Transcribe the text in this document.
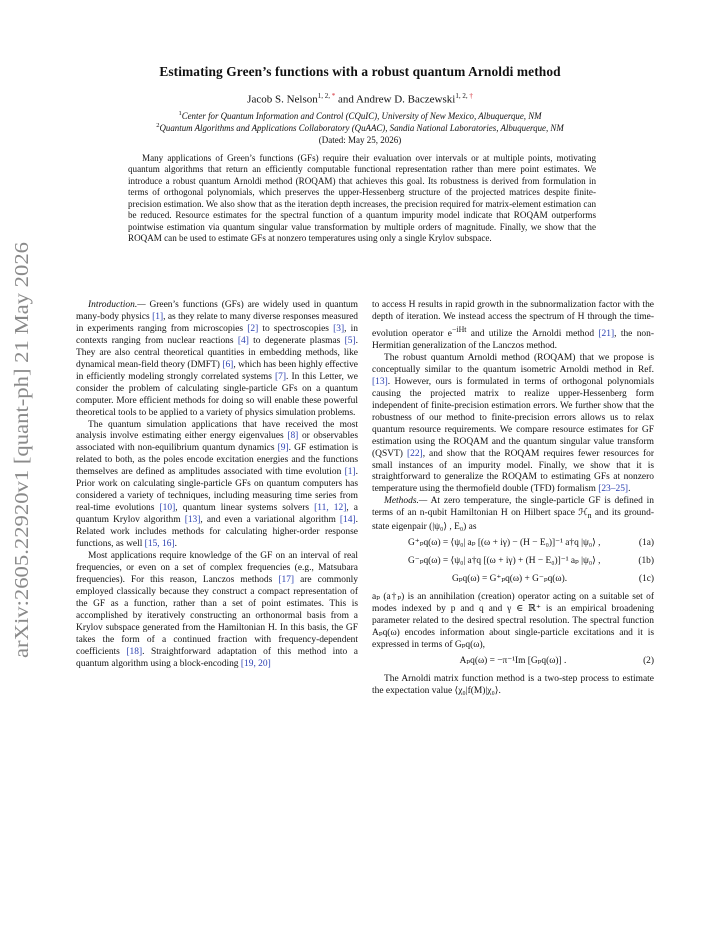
arXiv:2605.22920v1 [quant-ph] 21 May 2026
Estimating Green’s functions with a robust quantum Arnoldi method
Jacob S. Nelson$^{1, 2, *}$ and Andrew D. Baczewski$^{1, 2, \dagger}$
$^1$Center for Quantum Information and Control (CQuIC), University of New Mexico, Albuquerque, NM
$^2$Quantum Algorithms and Applications Collaboratory (QuAAC), Sandia National Laboratories, Albuquerque, NM
(Dated: May 25, 2026)
Many applications of Green’s functions (GFs) require their evaluation over intervals or at multiple points, motivating quantum algorithms that return an efficiently computable functional representation rather than mere point estimates. We introduce a robust quantum Arnoldi method (ROQAM) that achieves this goal. Its robustness is derived from formulation in terms of orthogonal polynomials, which preserves the upper-Hessenberg structure of the projected matrices despite finite-precision estimation. We also show that as the iteration depth increases, the precision required for matrix-element estimation can be reduced. Resource estimates for the spectral function of a quantum impurity model indicate that ROQAM outperforms pointwise estimation via quantum singular value transformation by multiple orders of magnitude. Finally, we show that the ROQAM can be used to estimate GFs at nonzero temperatures using only a single Krylov subspace.

Introduction.— Green’s functions (GFs) are widely used in quantum many-body physics [1], as they relate to many diverse responses measured in experiments ranging from microscopies [2] to spectroscopies [3], in contexts ranging from nuclear reactions [4] to degenerate plasmas [5]. They are also central theoretical quantities in embedding methods, like dynamical mean-field theory (DMFT) [6], which has been highly effective in efficiently modeling strongly correlated systems [7]. In this Letter, we consider the problem of calculating single-particle GFs on a quantum computer. More efficient methods for doing so will enable these powerful theoretical tools to be applied to a variety of physics simulation problems.

The quantum simulation applications that have received the most analysis involve estimating either energy eigenvalues [8] or observables associated with non-equilibrium quantum dynamics [9]. GF estimation is related to both, as the poles encode excitation energies and the functions themselves are defined as amplitudes associated with time evolution [1]. Prior work on calculating single-particle GFs on quantum computers has considered a variety of techniques, including measuring time series from real-time evolutions [10], quantum linear systems solvers [11, 12], a quantum Krylov algorithm [13], and even a variational algorithm [14]. Related work includes methods for calculating higher-order response functions, as well [15, 16].

Most applications require knowledge of the GF on an interval of real frequencies, or even on a set of complex frequencies (e.g., Matsubara frequencies). For this reason, Lanczos methods [17] are commonly employed classically because they construct a compact representation of the GF as a function, rather than a set of point estimates. This is accomplished by iteratively constructing an orthonormal basis from a Krylov subspace generated from the Hamiltonian H. In this basis, the GF takes the form of a continued fraction with frequency-dependent coefficients [18]. Straightforward adaptation of this method into a quantum algorithm using a block-encoding [19, 20]

to access H results in rapid growth in the subnormalization factor with the depth of iteration. We instead access the spectrum of H through the time-evolution operator $e^{-iHt}$ and utilize the Arnoldi method [21], the non-Hermitian generalization of the Lanczos method.

The robust quantum Arnoldi method (ROQAM) that we propose is conceptually similar to the quantum isometric Arnoldi method in Ref. [13]. However, ours is formulated in terms of orthogonal polynomials causing the projected matrix to realize upper-Hessenberg form independent of finite-precision estimation errors. We further show that the robustness of our method to finite-precision errors allows us to relax quantum resource requirements. We compare resource estimates for GF estimation using the ROQAM and the quantum singular value transform (QSVT) [22], and show that the ROQAM requires fewer resources for small instances of an impurity model. Finally, we show that it is straightforward to generalize the ROQAM to estimating GFs at nonzero temperature using the thermofield double (TFD) formalism [23–25].

Methods.— At zero temperature, the single-particle GF is defined in terms of an n-qubit Hamiltonian H on Hilbert space ℋ$_n$ and its ground-state eigenpair (|ψ₀⟩ , E₀) as

G⁺ₚq(ω) = ⟨ψ₀| aₚ [(ω + iγ) − (H − E₀)]⁻¹ a†q |ψ₀⟩ ,	(1a)
G⁻ₚq(ω) = ⟨ψ₀| a†q [(ω + iγ) + (H − E₀)]⁻¹ aₚ |ψ₀⟩ ,	(1b)
Gₚq(ω) = G⁺ₚq(ω) + G⁻ₚq(ω).	(1c)

aₚ (a†ₚ) is an annihilation (creation) operator acting on a suitable set of modes indexed by p and q and γ ∈ ℝ⁺ is an empirical broadening parameter related to the desired spectral resolution. The spectral function Aₚq(ω) encodes information about single-particle excitations and it is expressed in terms of Gₚq(ω),

Aₚq(ω) = −π⁻¹Im [Gₚq(ω)] .	(2)

The Arnoldi matrix function method is a two-step process to estimate the expectation value ⟨χ₀|f(M)|χ₀⟩.
